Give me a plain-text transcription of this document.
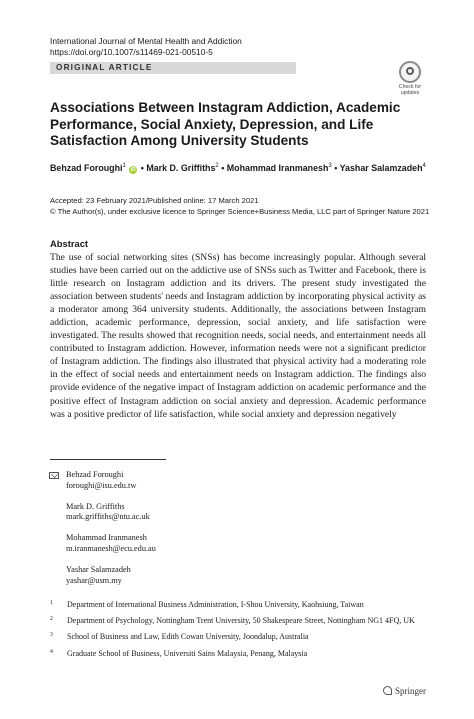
International Journal of Mental Health and Addiction
https://doi.org/10.1007/s11469-021-00510-5
ORIGINAL ARTICLE
Check for
updates
Associations Between Instagram Addiction, Academic Performance, Social Anxiety, Depression, and Life Satisfaction Among University Students
Behzad Foroughi$^1$ iD • Mark D. Griffiths$^2$ • Mohammad Iranmanesh$^3$ • Yashar Salamzadeh$^4$
Accepted: 23 February 2021/Published online: 17 March 2021
© The Author(s), under exclusive licence to Springer Science+Business Media, LLC part of Springer Nature 2021
Abstract

The use of social networking sites (SNSs) has become increasingly popular. Although several studies have been carried out on the addictive use of SNSs such as Twitter and Facebook, there is little research on Instagram addiction and its drivers. The present study investigated the association between students' needs and Instagram addiction by incorporating physical activity as a moderator among 364 university students. Additionally, the associations between Instagram addiction, academic performance, depression, social anxiety, and life satisfaction were investigated. The results showed that recognition needs, social needs, and entertainment needs all contributed to Instagram addiction. However, information needs were not a significant predictor of Instagram addiction. The findings also illustrated that physical activity had a moderating role in the effect of social needs and entertainment needs on Instagram addiction. The findings also provide evidence of the negative impact of Instagram addiction on academic performance and the positive effect of Instagram addiction on social anxiety and depression. Academic performance was a positive predictor of life satisfaction, while social anxiety and depression negatively

Behzad Foroughi
foroughi@isu.edu.tw
Mark D. Griffiths
mark.griffiths@ntu.ac.uk
Mohammad Iranmanesh
m.iranmanesh@ecu.edu.au
Yashar Salamzadeh
yashar@usm.my
1 Department of International Business Administration, I-Shou University, Kaohsiung, Taiwan
2 Department of Psychology, Nottingham Trent University, 50 Shakespeare Street, Nottingham NG1 4FQ, UK
3 School of Business and Law, Edith Cowan University, Joondalup, Australia
4 Graduate School of Business, Universiti Sains Malaysia, Penang, Malaysia
Springer
